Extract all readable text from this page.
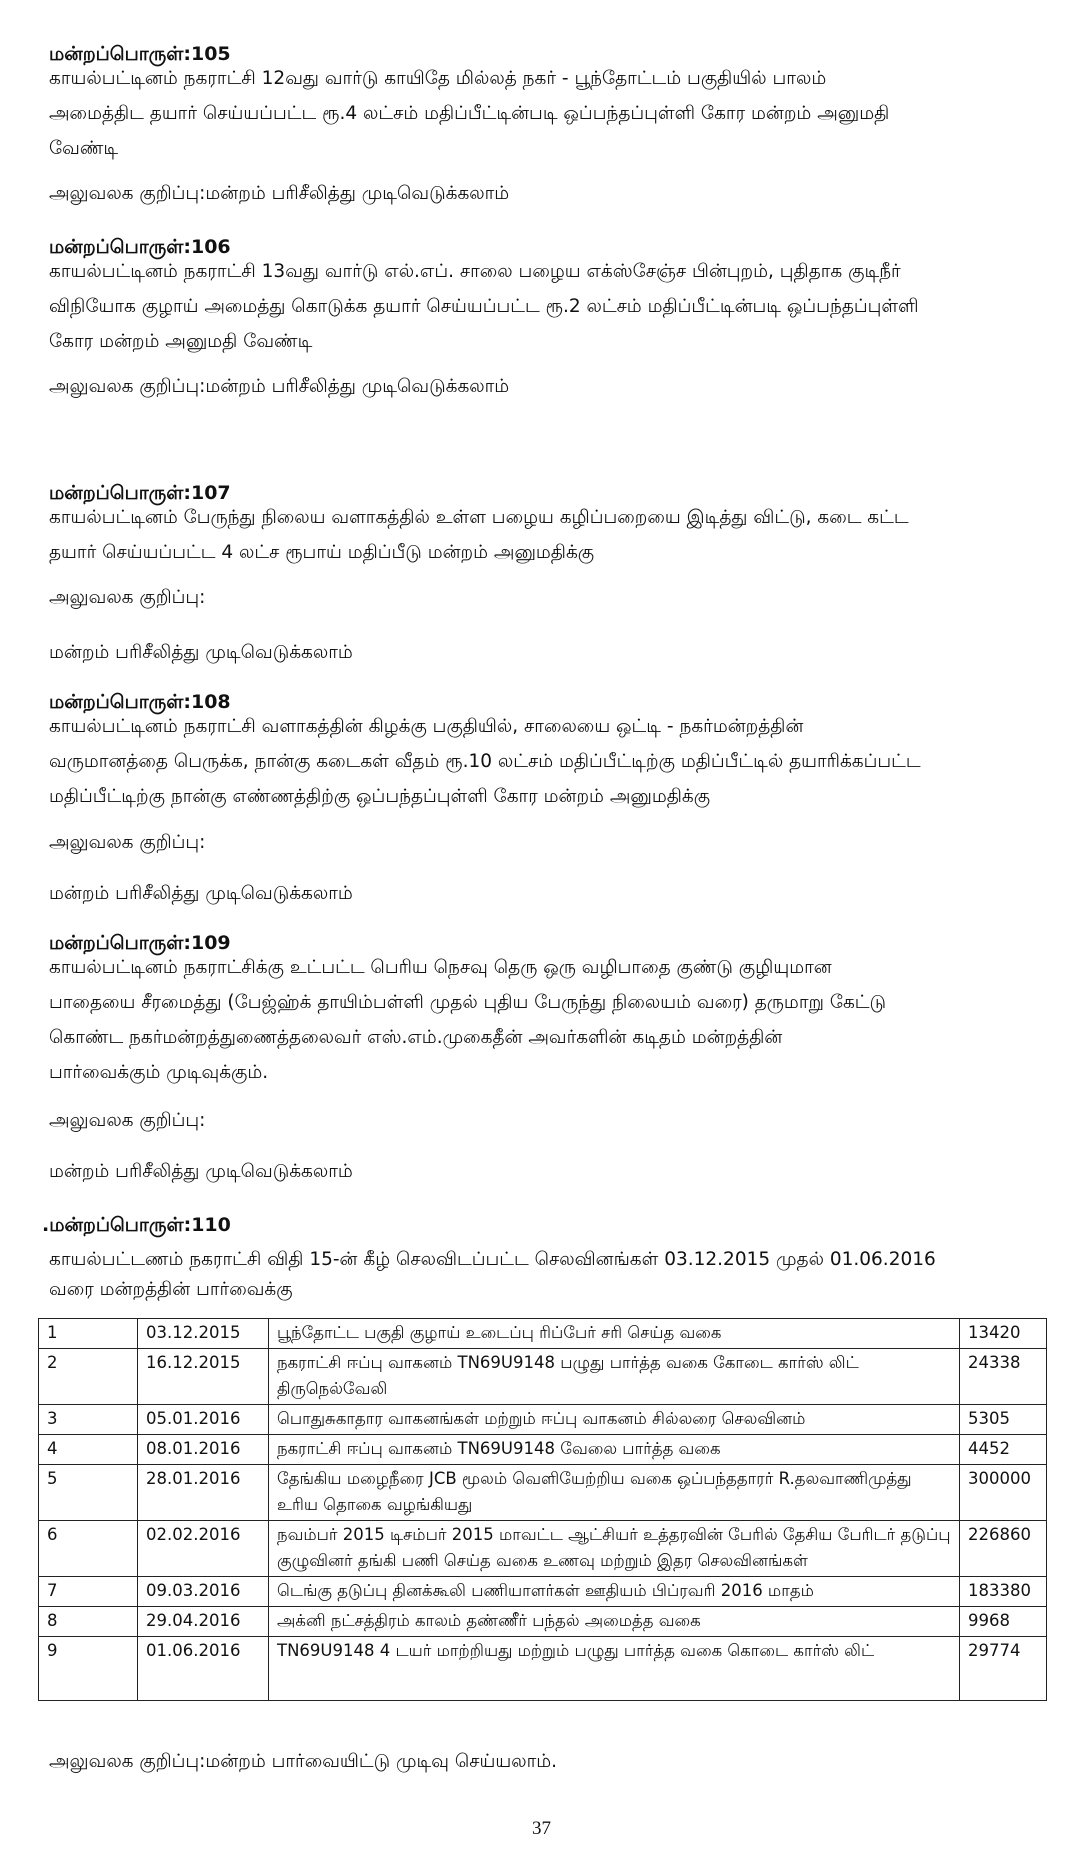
மன்றப்பொருள்:105
காயல்பட்டினம் நகராட்சி 12வது வார்டு காயிதே மில்லத் நகர் - பூந்தோட்டம் பகுதியில் பாலம்
அமைத்திட தயார் செய்யப்பட்ட ரூ.4 லட்சம் மதிப்பீட்டின்படி ஒப்பந்தப்புள்ளி கோர மன்றம் அனுமதி
வேண்டி
அலுவலக குறிப்பு:மன்றம் பரிசீலித்து முடிவெடுக்கலாம்
மன்றப்பொருள்:106
காயல்பட்டினம் நகராட்சி 13வது வார்டு எல்.எப். சாலை பழைய எக்ஸ்சேஞ்ச பின்புறம், புதிதாக குடிநீர்
விநியோக குழாய் அமைத்து கொடுக்க தயார் செய்யப்பட்ட ரூ.2 லட்சம் மதிப்பீட்டின்படி ஒப்பந்தப்புள்ளி
கோர மன்றம் அனுமதி வேண்டி
அலுவலக குறிப்பு:மன்றம் பரிசீலித்து முடிவெடுக்கலாம்
மன்றப்பொருள்:107
காயல்பட்டினம் பேருந்து நிலைய வளாகத்தில் உள்ள பழைய கழிப்பறையை இடித்து விட்டு, கடை கட்ட
தயார் செய்யப்பட்ட 4 லட்ச ரூபாய் மதிப்பீடு மன்றம் அனுமதிக்கு
அலுவலக குறிப்பு:
மன்றம் பரிசீலித்து முடிவெடுக்கலாம்
மன்றப்பொருள்:108
காயல்பட்டினம் நகராட்சி வளாகத்தின் கிழக்கு பகுதியில், சாலையை ஒட்டி - நகர்மன்றத்தின்
வருமானத்தை பெருக்க, நான்கு கடைகள் வீதம் ரூ.10 லட்சம் மதிப்பீட்டிற்கு மதிப்பீட்டில் தயாரிக்கப்பட்ட
மதிப்பீட்டிற்கு நான்கு எண்ணத்திற்கு ஒப்பந்தப்புள்ளி கோர மன்றம் அனுமதிக்கு
அலுவலக குறிப்பு:
மன்றம் பரிசீலித்து முடிவெடுக்கலாம்
மன்றப்பொருள்:109
காயல்பட்டினம் நகராட்சிக்கு உட்பட்ட பெரிய நெசவு தெரு ஒரு வழிபாதை குண்டு குழியுமான
பாதையை சீரமைத்து (பேஜ்ஹ்க் தாயிம்பள்ளி முதல் புதிய பேருந்து நிலையம் வரை) தருமாறு கேட்டு
கொண்ட நகர்மன்றத்துணைத்தலைவர் எஸ்.எம்.முகைதீன் அவர்களின் கடிதம் மன்றத்தின்
பார்வைக்கும் முடிவுக்கும்.
அலுவலக குறிப்பு:
மன்றம் பரிசீலித்து முடிவெடுக்கலாம்
.மன்றப்பொருள்:110
காயல்பட்டணம் நகராட்சி விதி 15-ன் கீழ் செலவிடப்பட்ட செலவினங்கள் 03.12.2015 முதல் 01.06.2016
வரை மன்றத்தின் பார்வைக்கு
1	03.12.2015	பூந்தோட்ட பகுதி குழாய் உடைப்பு ரிப்பேர் சரி செய்த வகை	13420
2	16.12.2015	நகராட்சி ஈப்பு வாகனம் TN69U9148 பழுது பார்த்த வகை கோடை கார்ஸ் லிட் திருநெல்வேலி	24338
3	05.01.2016	பொதுசுகாதார வாகனங்கள் மற்றும் ஈப்பு வாகனம் சில்லரை செலவினம்	5305
4	08.01.2016	நகராட்சி ஈப்பு வாகனம் TN69U9148 வேலை பார்த்த வகை	4452
5	28.01.2016	தேங்கிய மழைநீரை JCB மூலம் வெளியேற்றிய வகை ஒப்பந்ததாரர் R.தலவாணிமுத்து உரிய தொகை வழங்கியது	300000
6	02.02.2016	நவம்பர் 2015 டிசம்பர் 2015 மாவட்ட ஆட்சியர் உத்தரவின் பேரில் தேசிய பேரிடர் தடுப்பு குழுவினர் தங்கி பணி செய்த வகை உணவு மற்றும் இதர செலவினங்கள்	226860
7	09.03.2016	டெங்கு தடுப்பு தினக்கூலி பணியாளர்கள் ஊதியம் பிப்ரவரி 2016 மாதம்	183380
8	29.04.2016	அக்னி நட்சத்திரம் காலம் தண்ணீர் பந்தல் அமைத்த வகை	9968
9	01.06.2016	TN69U9148 4 டயர் மாற்றியது மற்றும் பழுது பார்த்த வகை கொடை கார்ஸ் லிட்	29774
அலுவலக குறிப்பு:மன்றம் பார்வையிட்டு முடிவு செய்யலாம்.
37
